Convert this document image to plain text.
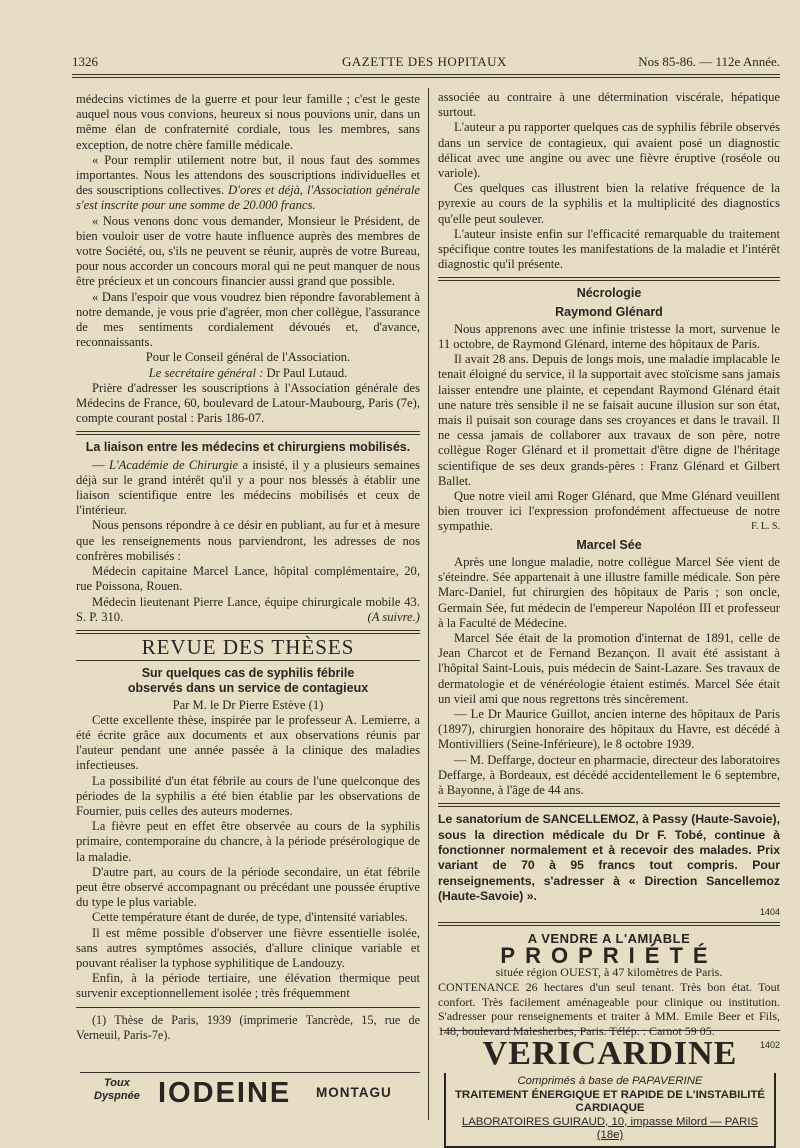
1326	GAZETTE DES HOPITAUX	Nos 85-86. — 112e Année.

médecins victimes de la guerre et pour leur famille ; c'est le geste auquel nous vous convions, heureux si nous pouvions unir, dans un même élan de confraternité cordiale, tous les membres, sans exception, de notre chère famille médicale.

« Pour remplir utilement notre but, il nous faut des sommes importantes. Nous les attendons des souscriptions individuelles et des souscriptions collectives. D'ores et déjà, l'Association générale s'est inscrite pour une somme de 20.000 francs.

« Nous venons donc vous demander, Monsieur le Président, de bien vouloir user de votre haute influence auprès des membres de votre Société, ou, s'ils ne peuvent se réunir, auprès de votre Bureau, pour nous accorder un concours moral qui ne peut manquer de nous être précieux et un concours financier aussi grand que possible.

« Dans l'espoir que vous voudrez bien répondre favorablement à notre demande, je vous prie d'agréer, mon cher collègue, l'assurance de mes sentiments cordialement dévoués et, d'avance, reconnaissants.

Pour le Conseil général de l'Association.

Le secrétaire général : Dr Paul Lutaud.

Prière d'adresser les souscriptions à l'Association générale des Médecins de France, 60, boulevard de Latour-Maubourg, Paris (7e), compte courant postal : Paris 186-07.

La liaison entre les médecins et chirurgiens mobilisés.

— L'Académie de Chirurgie a insisté, il y a plusieurs semaines déjà sur le grand intérêt qu'il y a pour nos blessés à établir une liaison scientifique entre les médecins mobilisés et ceux de l'intérieur.

Nous pensons répondre à ce désir en publiant, au fur et à mesure que les renseignements nous parviendront, les adresses de nos confrères mobilisés :

Médecin capitaine Marcel Lance, hôpital complémentaire, 20, rue Poissona, Rouen.

Médecin lieutenant Pierre Lance, équipe chirurgicale mobile 43. S. P. 310.	(A suivre.)

REVUE DES THÈSES
Sur quelques cas de syphilis fébrile
observés dans un service de contagieux

Par M. le Dr Pierre Estève (1)

Cette excellente thèse, inspirée par le professeur A. Lemierre, a été écrite grâce aux documents et aux observations réunis par l'auteur pendant une année passée à la clinique des maladies infectieuses.

La possibilité d'un état fébrile au cours de l'une quelconque des périodes de la syphilis a été bien établie par les observations de Fournier, puis celles des auteurs modernes.

La fièvre peut en effet être observée au cours de la syphilis primaire, contemporaine du chancre, à la période présérologique de la maladie.

D'autre part, au cours de la période secondaire, un état fébrile peut être observé accompagnant ou précédant une poussée éruptive du type le plus variable.

Cette température étant de durée, de type, d'intensité variables.

Il est même possible d'observer une fièvre essentielle isolée, sans autres symptômes associés, d'allure clinique variable et pouvant réaliser la typhose syphilitique de Landouzy.

Enfin, à la période tertiaire, une élévation thermique peut survenir exceptionnellement isolée ; très fréquemment

(1) Thèse de Paris, 1939 (imprimerie Tancrède, 15, rue de Verneuil, Paris-7e).

Toux
Dyspnée IODEINE MONTAGU

associée au contraire à une détermination viscérale, hépatique surtout.

L'auteur a pu rapporter quelques cas de syphilis fébrile observés dans un service de contagieux, qui avaient posé un diagnostic délicat avec une angine ou avec une fièvre éruptive (roséole ou variole).

Ces quelques cas illustrent bien la relative fréquence de la pyrexie au cours de la syphilis et la multiplicité des diagnostics qu'elle peut soulever.

L'auteur insiste enfin sur l'efficacité remarquable du traitement spécifique contre toutes les manifestations de la maladie et l'intérêt diagnostic qu'il présente.

Nécrologie
Raymond Glénard

Nous apprenons avec une infinie tristesse la mort, survenue le 11 octobre, de Raymond Glénard, interne des hôpitaux de Paris.

Il avait 28 ans. Depuis de longs mois, une maladie implacable le tenait éloigné du service, il la supportait avec stoïcisme sans jamais laisser entendre une plainte, et cependant Raymond Glénard était une nature très sensible il ne se faisait aucune illusion sur son état, mais il puisait son courage dans ses croyances et dans le travail. Il ne cessa jamais de collaborer aux travaux de son père, notre collègue Roger Glénard et il promettait d'être digne de l'héritage scientifique de ses deux grands-pères : Franz Glénard et Gilbert Ballet.

Que notre vieil ami Roger Glénard, que Mme Glénard veuillent bien trouver ici l'expression profondément affectueuse de notre sympathie.	F. L. S.

Marcel Sée

Après une longue maladie, notre collègue Marcel Sée vient de s'éteindre. Sée appartenait à une illustre famille médicale. Son père Marc-Daniel, fut chirurgien des hôpitaux de Paris ; son oncle, Germain Sée, fut médecin de l'empereur Napoléon III et professeur à la Faculté de Médecine.

Marcel Sée était de la promotion d'internat de 1891, celle de Jean Charcot et de Fernand Bezançon. Il avait été assistant à l'hôpital Saint-Louis, puis médecin de Saint-Lazare. Ses travaux de dermatologie et de vénéréologie étaient estimés. Marcel Sée était un vieil ami que nous regrettons très sincèrement.

— Le Dr Maurice Guillot, ancien interne des hôpitaux de Paris (1897), chirurgien honoraire des hôpitaux du Havre, est décédé à Montivilliers (Seine-Inférieure), le 8 octobre 1939.

— M. Deffarge, docteur en pharmacie, directeur des laboratoires Deffarge, à Bordeaux, est décédé accidentellement le 6 septembre, à Bayonne, à l'âge de 44 ans.

Le sanatorium de SANCELLEMOZ, à Passy (Haute-Savoie), sous la direction médicale du Dr F. Tobé, continue à fonctionner normalement et à recevoir des malades. Prix variant de 70 à 95 francs tout compris. Pour renseignements, s'adresser à « Direction Sancellemoz (Haute-Savoie) ».
1404
A VENDRE A L'AMIABLE
PROPRIÉTÉ
située région OUEST, à 47 kilomètres de Paris.
CONTENANCE 26 hectares d'un seul tenant. Très bon état. Tout confort. Très facilement aménageable pour clinique ou institution. S'adresser pour renseignements et traiter à MM. Emile Beer et Fils, 148, boulevard Malesherbes, Paris. Télép. : Carnot 59 05.
1402
VERICARDINE
Comprimés à base de PAPAVERINE
TRAITEMENT ÉNERGIQUE ET RAPIDE DE L'INSTABILITÉ CARDIAQUE
LABORATOIRES GUIRAUD, 10, impasse Milord — PARIS (18e)
